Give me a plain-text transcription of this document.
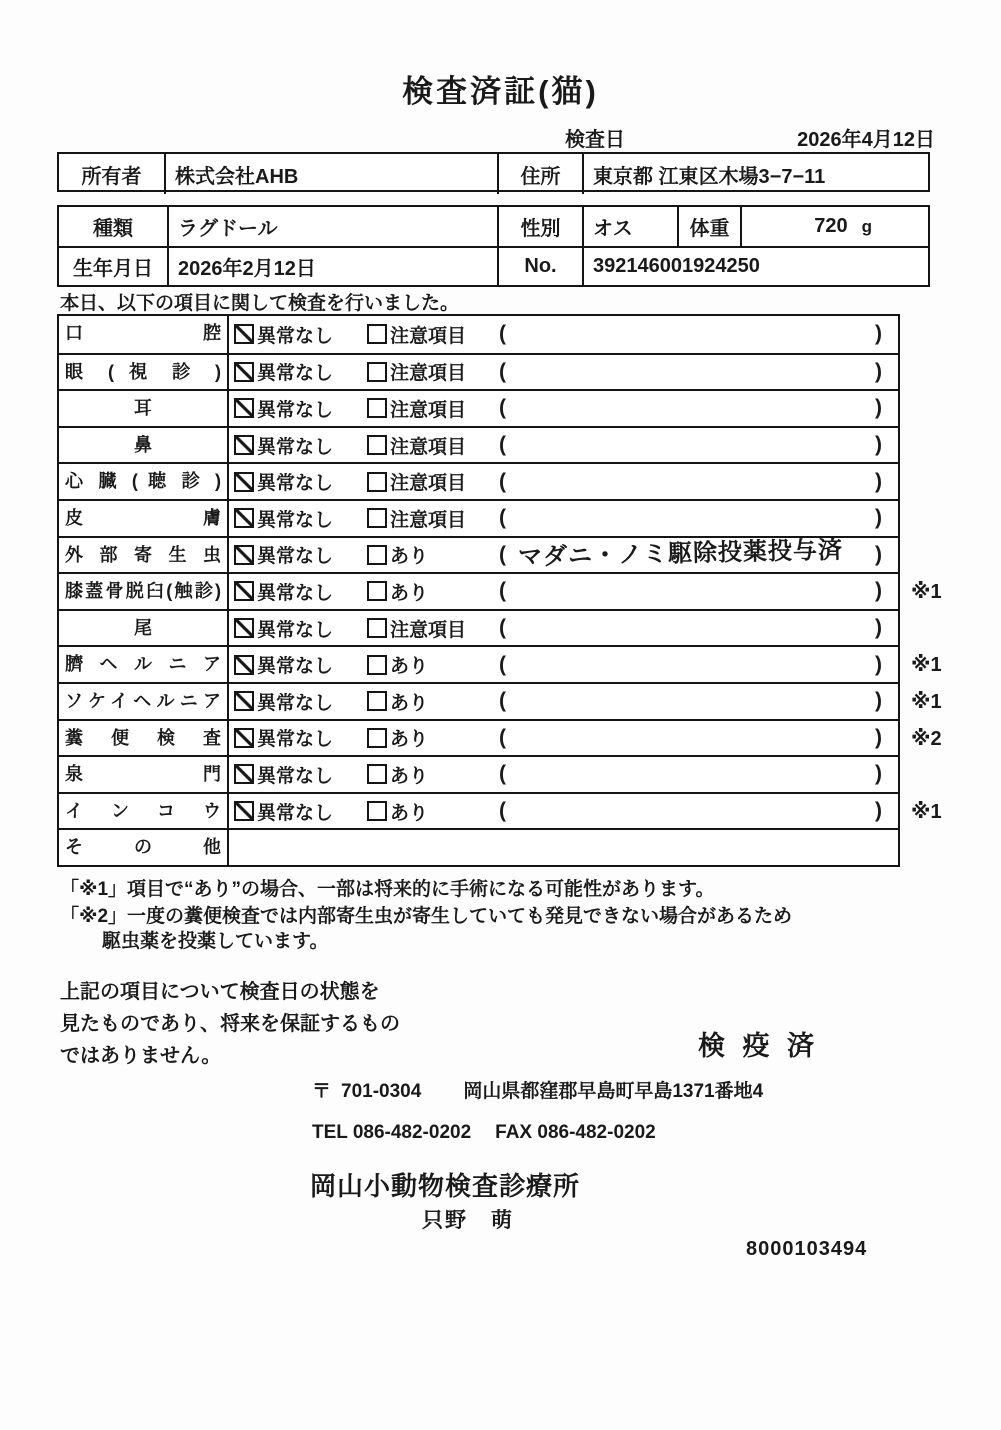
検査済証(猫)
検査日	2026年4月12日
所有者	株式会社AHB	住所	東京都 江東区木場3−7−11
種類	ラグドール	性別	オス	体重	720 g
生年月日	2026年2月12日	No.	392146001924250
本日、以下の項目に関して検査を行いました。
口 腔	異常なし	注意項目 (	)
眼 ( 視 診 )	異常なし	注意項目 (	)
耳	異常なし	注意項目 (	)
鼻	異常なし	注意項目 (	)
心 臓 ( 聴 診 )	異常なし	注意項目 (	)
皮 膚	異常なし	注意項目 (	)
外 部 寄 生 虫	異常なし	あり	( マダニ・ノミ駆除投薬投与済 )
膝蓋骨脱臼(触診)	異常なし	あり	(	) ※1
尾	異常なし	注意項目 (	)
臍 ヘ ル ニ ア	異常なし	あり	(	) ※1
ソケイヘルニア	異常なし	あり	(	) ※1
糞 便 検 査	異常なし	あり	(	) ※2
泉 門	異常なし	あり	(	)
イ ン コ ウ	異常なし	あり	(	) ※1
そ の 他
「※1」項目で“あり”の場合、一部は将来的に手術になる可能性があります。
「※2」一度の糞便検査では内部寄生虫が寄生していても発見できない場合があるため
駆虫薬を投薬しています。
上記の項目について検査日の状態を
見たものであり、将来を保証するもの
ではありません。	検 疫 済
〒 701-0304 岡山県都窪郡早島町早島1371番地4
TEL 086-482-0202 FAX 086-482-0202
岡山小動物検査診療所
只野　萌
8000103494
